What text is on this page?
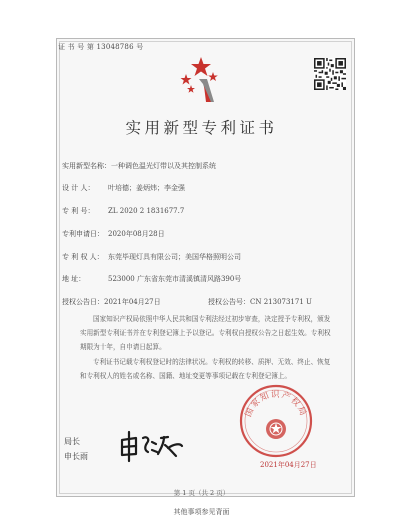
证 书 号 第 13048786 号
实用新型专利证书
实用新型名称：一种调色温光灯带以及其控制系统
设 计 人： 叶培德；姜炳炜；李金强
专 利 号： ZL 2020 2 1831677.7
专利申请日： 2020年08月28日
专 利 权 人： 东莞毕现灯具有限公司；美国华格照明公司
地 址：	523000 广东省东莞市清溪镇清风路390号
授权公告日：2021年04月27日	授权公告号：CN 213073171 U
国家知识产权局依照中华人民共和国专利法经过初步审查，决定授予专利权，颁发实用新型专利证书并在专利登记簿上予以登记。专利权自授权公告之日起生效。专利权期限为十年，自申请日起算。
专利证书记载专利权登记时的法律状况。专利权的转移、质押、无效、终止、恢复和专利权人的姓名或名称、国籍、地址变更等事项记载在专利登记簿上。
局长
申长雨
国家知识产权局
2021年04月27日
第 1 页（共 2 页）
其他事项参见背面
